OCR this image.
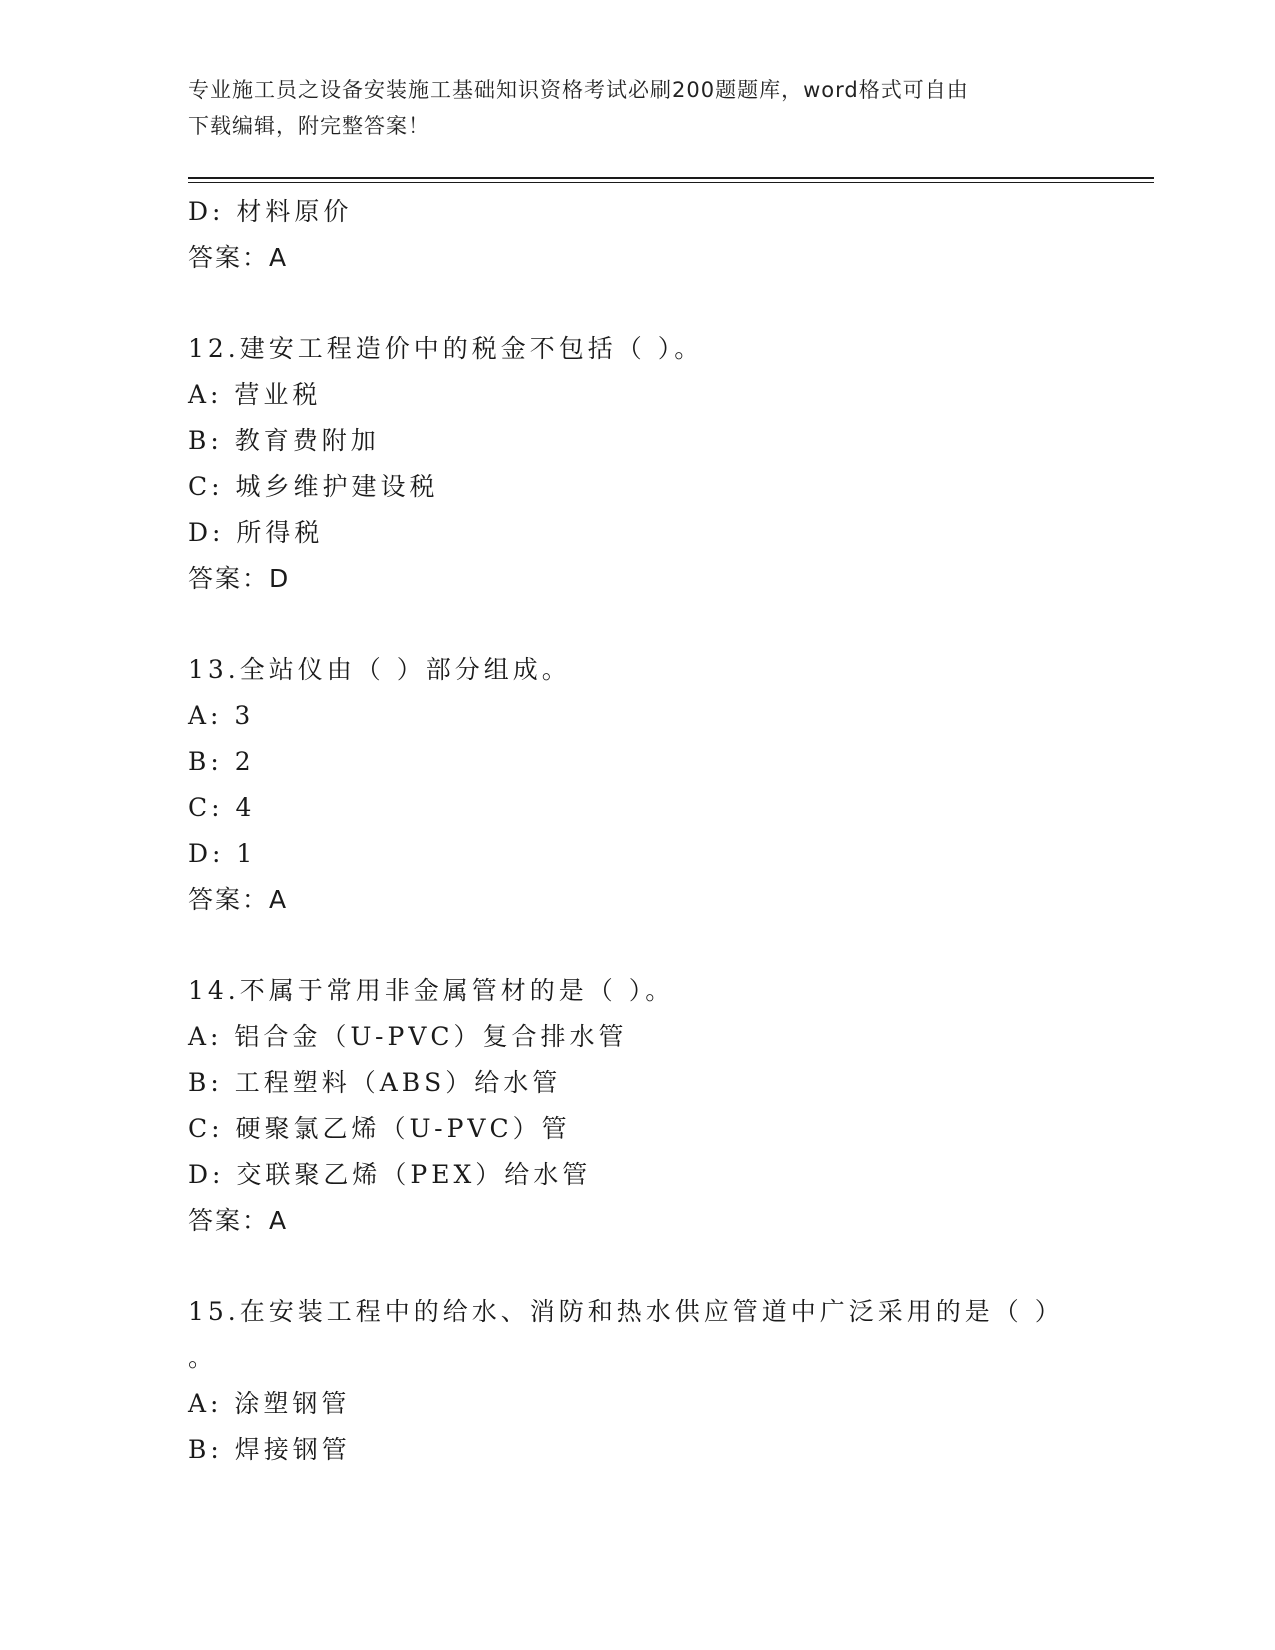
专业施工员之设备安装施工基础知识资格考试必刷200题题库，word格式可自由
下载编辑，附完整答案！
D: 材料原价
答案：A
12.建安工程造价中的税金不包括（ ）。
A: 营业税
B: 教育费附加
C: 城乡维护建设税
D: 所得税
答案：D
13.全站仪由（ ）部分组成。
A: 3
B: 2
C: 4
D: 1
答案：A
14.不属于常用非金属管材的是（ ）。
A: 铝合金（U-PVC）复合排水管
B: 工程塑料（ABS）给水管
C: 硬聚氯乙烯（U-PVC）管
D: 交联聚乙烯（PEX）给水管
答案：A
15.在安装工程中的给水、消防和热水供应管道中广泛采用的是（ ）
。
A: 涂塑钢管
B: 焊接钢管
